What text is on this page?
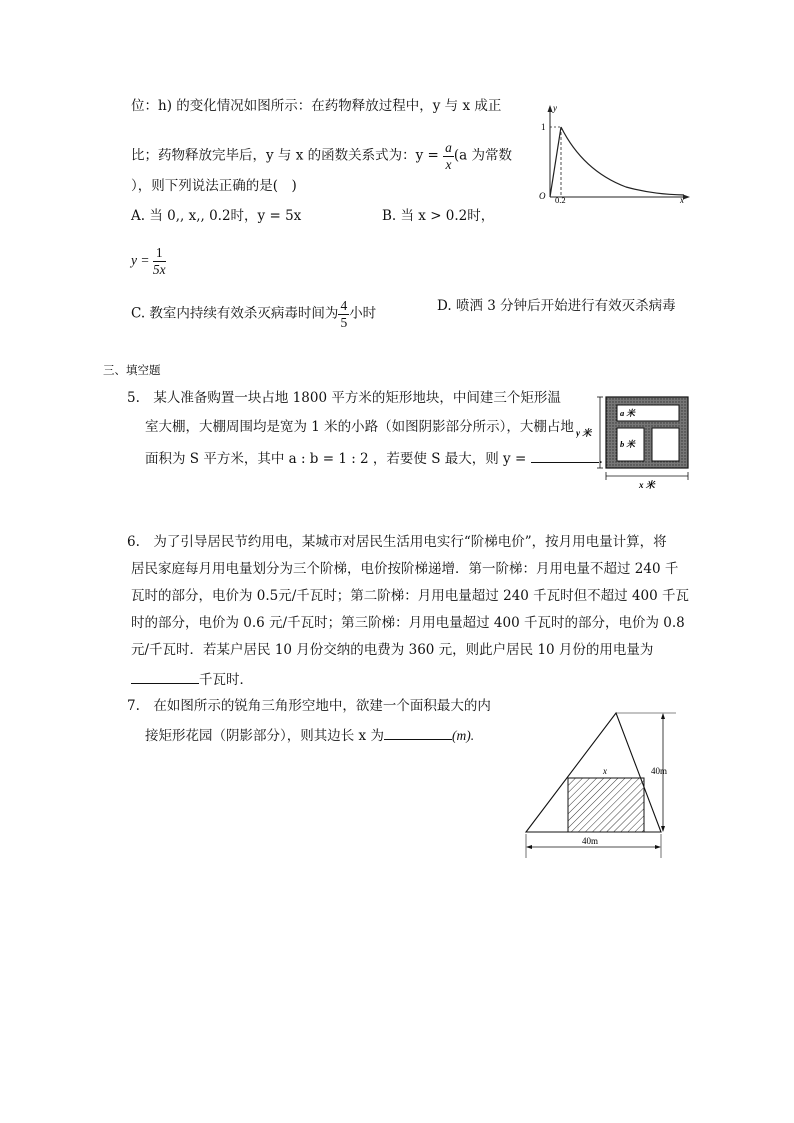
位：h) 的变化情况如图所示：在药物释放过程中，y 与 x 成正
比；药物释放完毕后，y 与 x 的函数关系式为：$y = \frac{a}{x} (a$ 为常数
），则下列说法正确的是(　)
A. 当 0,, x,, 0.2时，y = 5x	B. 当 x > 0.2时，
$y = \frac{1}{5x}$
C. 教室内持续有效杀灭病毒时间为 $\frac{4}{5}$ 小时	D. 喷洒 3 分钟后开始进行有效灭杀病毒
y
1
O 0.2	x
三、填空题
5.　某人准备购置一块占地 1800 平方米的矩形地块，中间建三个矩形温
室大棚，大棚周围均是宽为 1 米的小路（如图阴影部分所示），大棚占地
面积为 S 平方米，其中 a : b = 1 : 2 ，若要使 S 最大，则 y =	.
a 米
b 米
y 米
x 米
6.　为了引导居民节约用电，某城市对居民生活用电实行“阶梯电价”，按月用电量计算，将
居民家庭每月用电量划分为三个阶梯，电价按阶梯递增．第一阶梯：月用电量不超过 240 千
瓦时的部分，电价为 0.5元/千瓦时；第二阶梯：月用电量超过 240 千瓦时但不超过 400 千瓦
时的部分，电价为 0.6 元/千瓦时；第三阶梯：月用电量超过 400 千瓦时的部分，电价为 0.8
元/千瓦时．若某户居民 10 月份交纳的电费为 360 元，则此户居民 10 月份的用电量为
千瓦时．
7.　在如图所示的锐角三角形空地中，欲建一个面积最大的内
接矩形花园（阴影部分），则其边长 x 为	(m).
x	40m
40m
